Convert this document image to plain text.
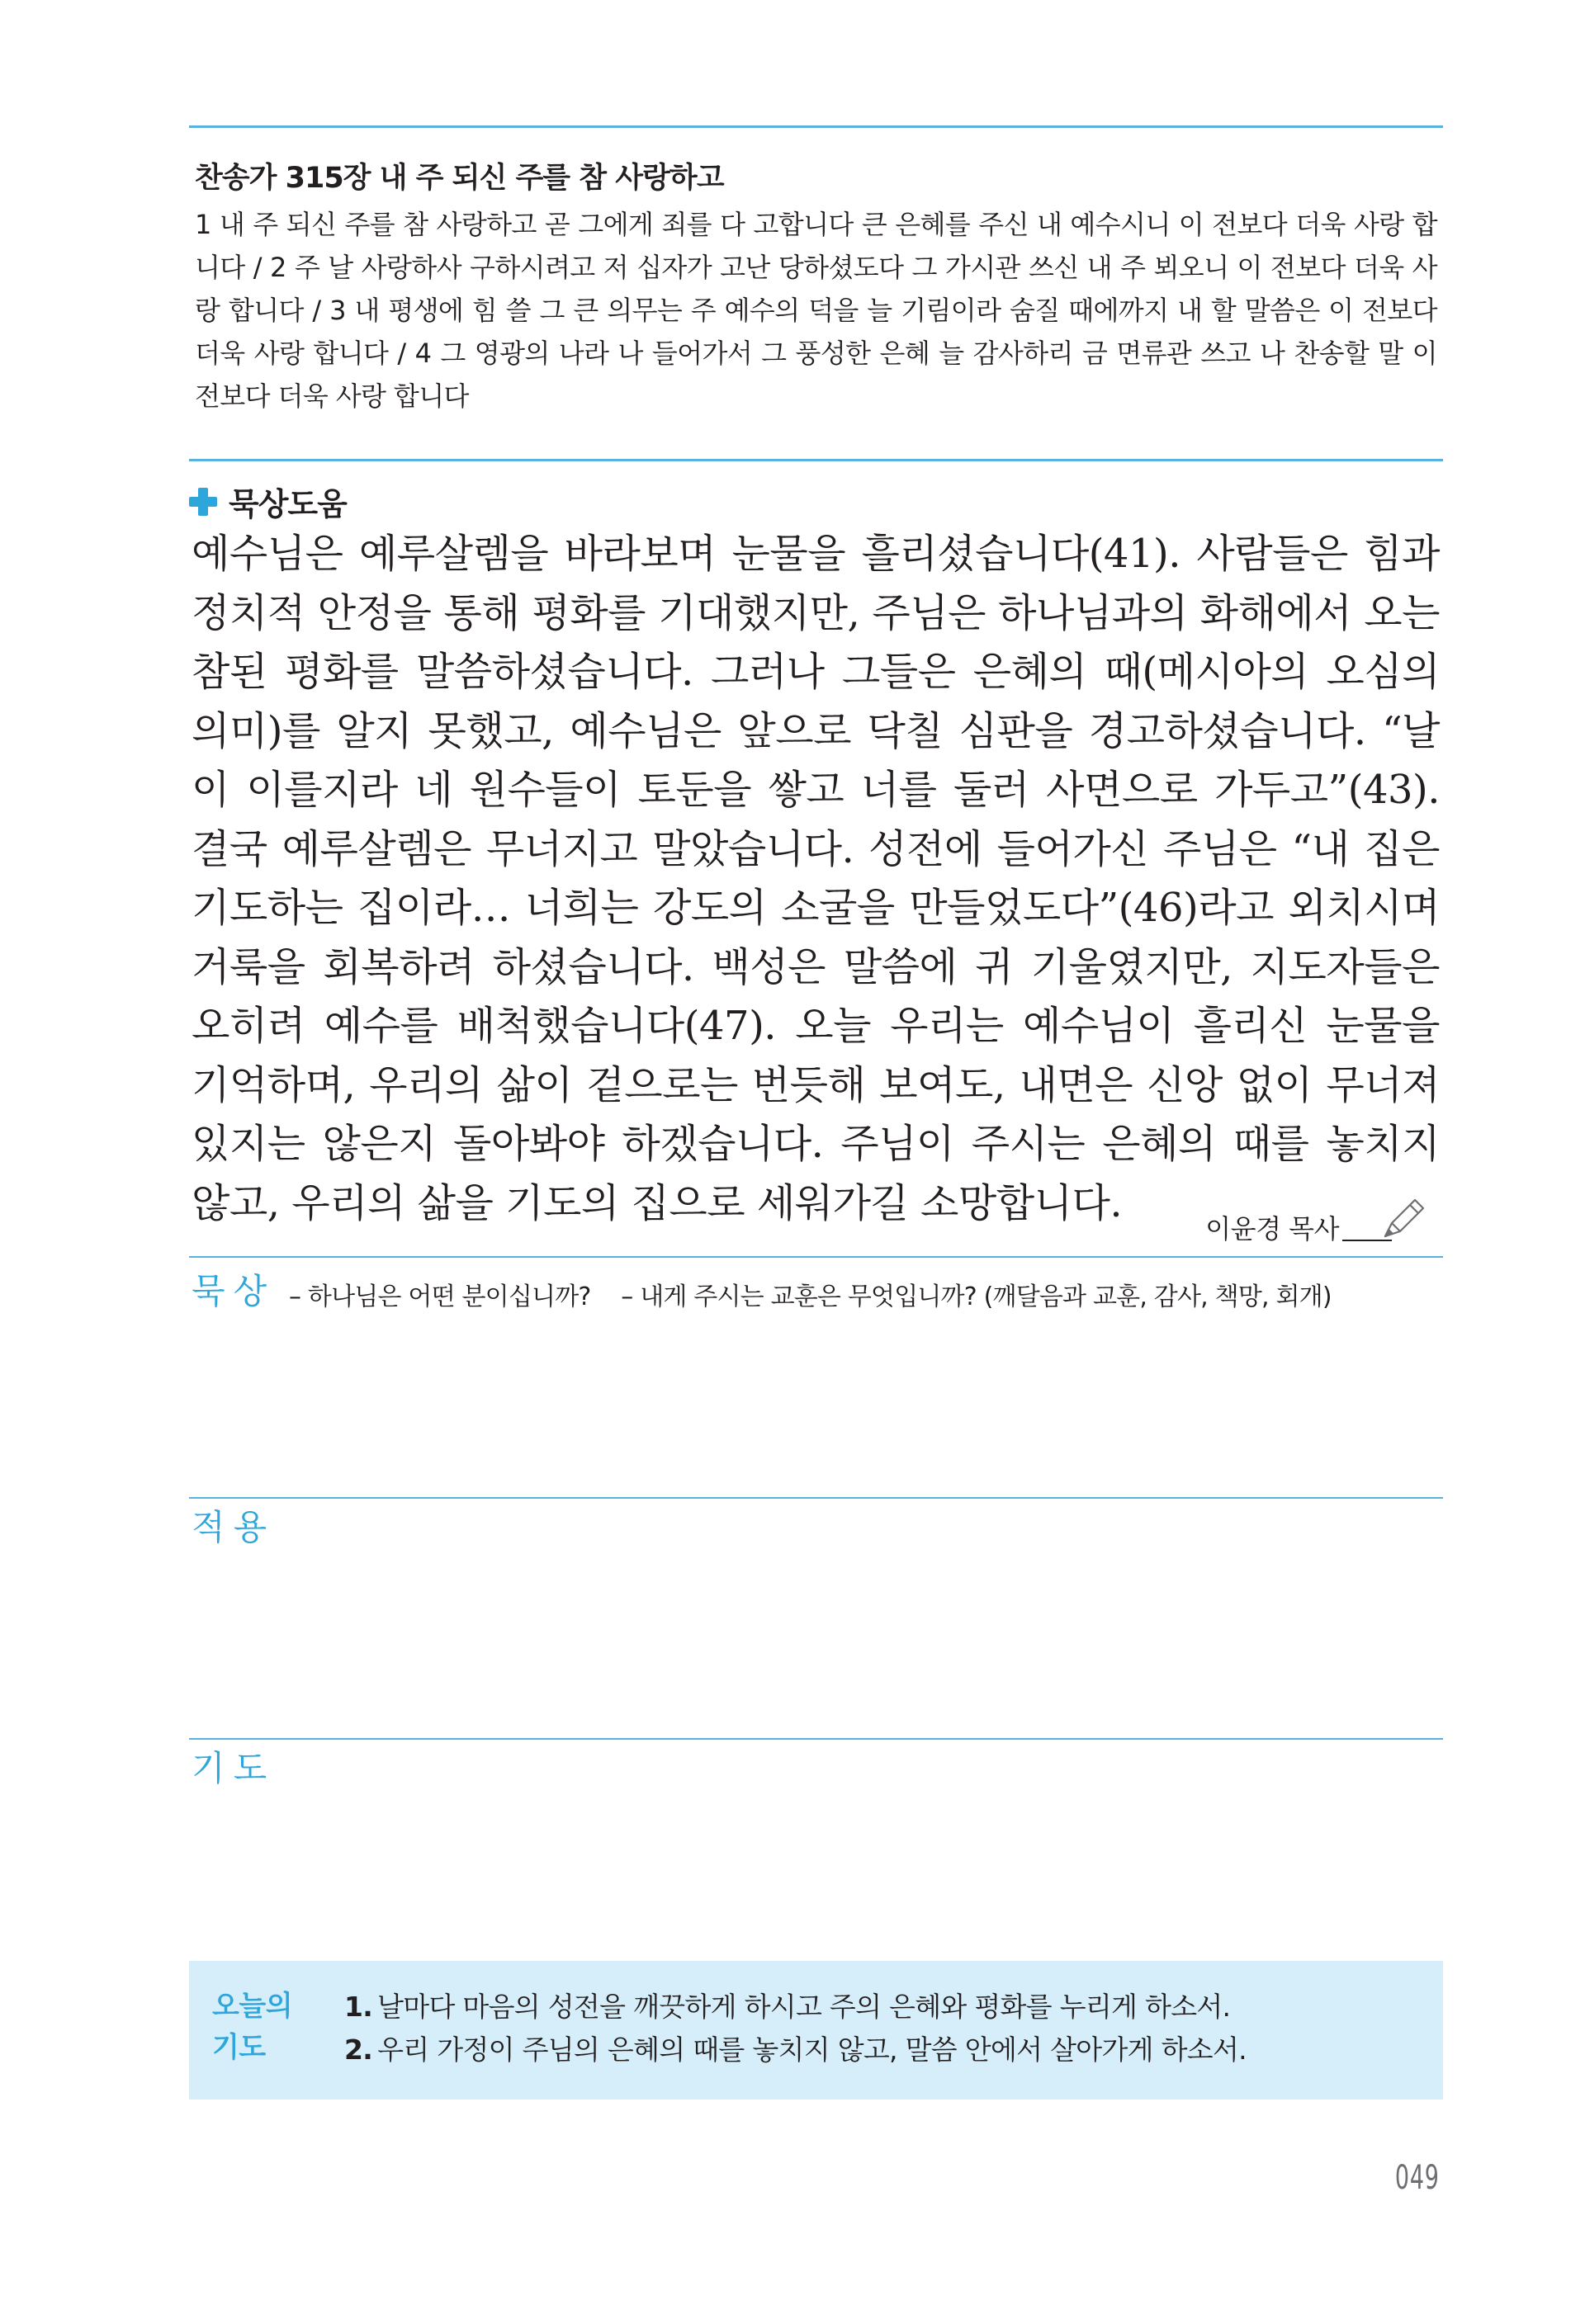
찬송가 315장 내 주 되신 주를 참 사랑하고
1 내 주 되신 주를 참 사랑하고 곧 그에게 죄를 다 고합니다 큰 은혜를 주신 내 예수시니 이 전보다 더욱 사랑 합니다 / 2 주 날 사랑하사 구하시려고 저 십자가 고난 당하셨도다 그 가시관 쓰신 내 주 뵈오니 이 전보다 더욱 사랑 합니다 / 3 내 평생에 힘 쓸 그 큰 의무는 주 예수의 덕을 늘 기림이라 숨질 때에까지 내 할 말씀은 이 전보다 더욱 사랑 합니다 / 4 그 영광의 나라 나 들어가서 그 풍성한 은혜 늘 감사하리 금 면류관 쓰고 나 찬송할 말 이 전보다 더욱 사랑 합니다
묵상도움
예수님은 예루살렘을 바라보며 눈물을 흘리셨습니다(41). 사람들은 힘과 정치적 안정을 통해 평화를 기대했지만, 주님은 하나님과의 화해에서 오는 참된 평화를 말씀하셨습니다. 그러나 그들은 은혜의 때(메시아의 오심의 의미)를 알지 못했고, 예수님은 앞으로 닥칠 심판을 경고하셨습니다. “날이 이를지라 네 원수들이 토둔을 쌓고 너를 둘러 사면으로 가두고”(43). 결국 예루살렘은 무너지고 말았습니다. 성전에 들어가신 주님은 “내 집은 기도하는 집이라… 너희는 강도의 소굴을 만들었도다”(46)라고 외치시며 거룩을 회복하려 하셨습니다. 백성은 말씀에 귀 기울였지만, 지도자들은 오히려 예수를 배척했습니다(47). 오늘 우리는 예수님이 흘리신 눈물을 기억하며, 우리의 삶이 겉으로는 번듯해 보여도, 내면은 신앙 없이 무너져 있지는 않은지 돌아봐야 하겠습니다. 주님이 주시는 은혜의 때를 놓치지 않고, 우리의 삶을 기도의 집으로 세워가길 소망합니다.
이윤경 목사
묵상 – 하나님은 어떤 분이십니까? – 내게 주시는 교훈은 무엇입니까? (깨달음과 교훈, 감사, 책망, 회개)
적용
기도
오늘의
기도
1. 날마다 마음의 성전을 깨끗하게 하시고 주의 은혜와 평화를 누리게 하소서.
2. 우리 가정이 주님의 은혜의 때를 놓치지 않고, 말씀 안에서 살아가게 하소서.
049
